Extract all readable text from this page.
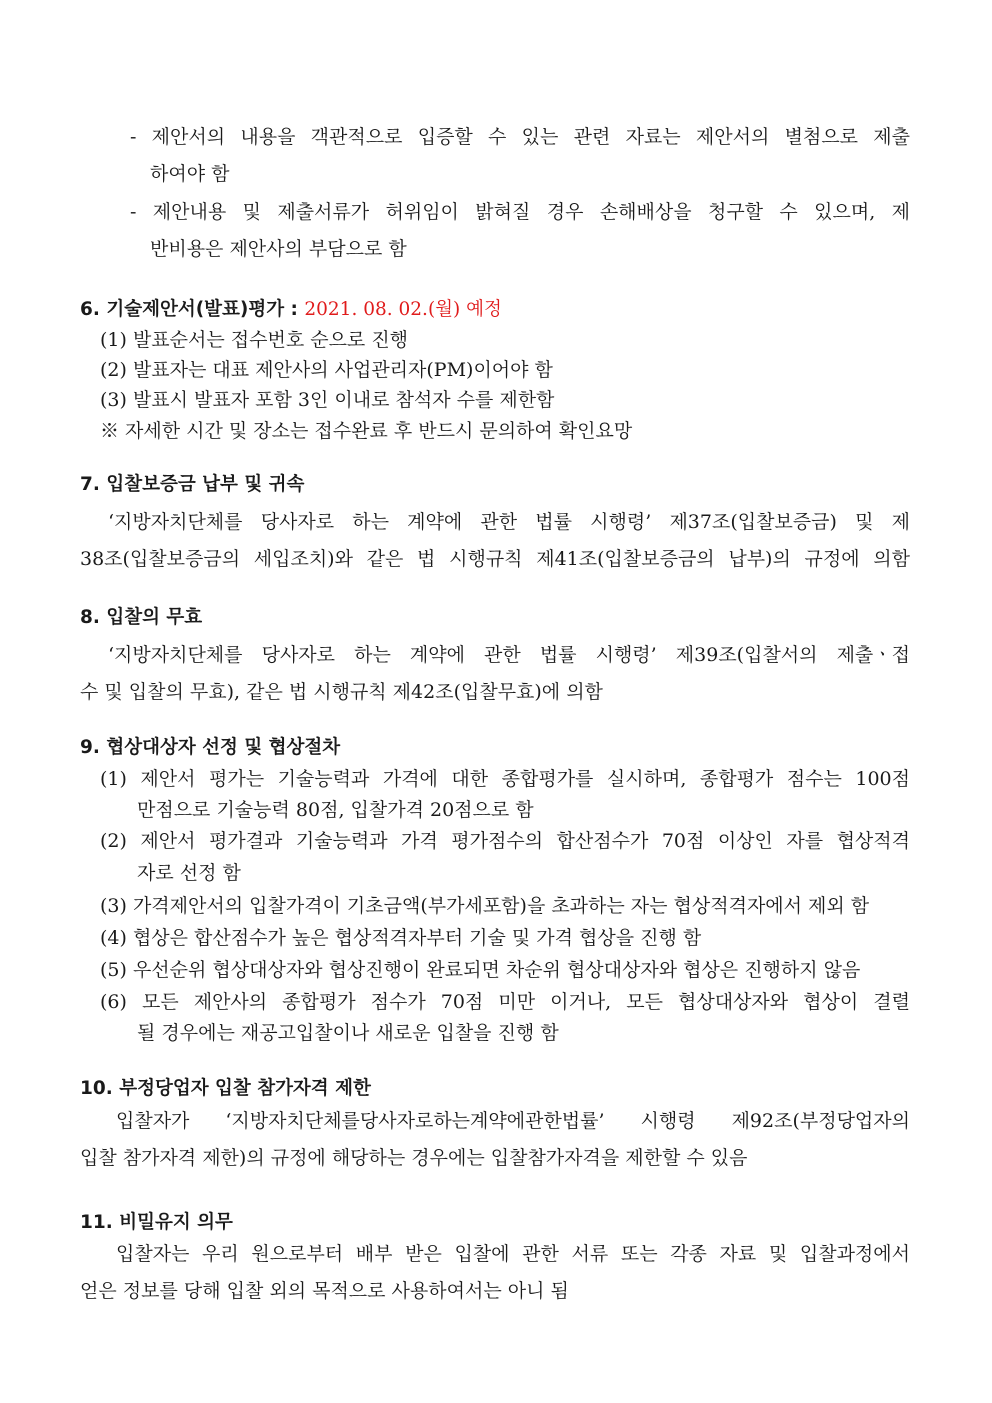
- 제안서의 내용을 객관적으로 입증할 수 있는 관련 자료는 제안서의 별첨으로 제출
하여야 함
- 제안내용 및 제출서류가 허위임이 밝혀질 경우 손해배상을 청구할 수 있으며, 제
반비용은 제안사의 부담으로 함
6. 기술제안서(발표)평가 : 2021. 08. 02.(월) 예정
(1) 발표순서는 접수번호 순으로 진행
(2) 발표자는 대표 제안사의 사업관리자(PM)이어야 함
(3) 발표시 발표자 포함 3인 이내로 참석자 수를 제한함
※ 자세한 시간 및 장소는 접수완료 후 반드시 문의하여 확인요망
7. 입찰보증금 납부 및 귀속
‘지방자치단체를 당사자로 하는 계약에 관한 법률 시행령’ 제37조(입찰보증금) 및 제
38조(입찰보증금의 세입조치)와 같은 법 시행규칙 제41조(입찰보증금의 납부)의 규정에 의함
8. 입찰의 무효
‘지방자치단체를 당사자로 하는 계약에 관한 법률 시행령’ 제39조(입찰서의 제출ㆍ접
수 및 입찰의 무효), 같은 법 시행규칙 제42조(입찰무효)에 의함
9. 협상대상자 선정 및 협상절차
(1) 제안서 평가는 기술능력과 가격에 대한 종합평가를 실시하며, 종합평가 점수는 100점
만점으로 기술능력 80점, 입찰가격 20점으로 함
(2) 제안서 평가결과 기술능력과 가격 평가점수의 합산점수가 70점 이상인 자를 협상적격
자로 선정 함
(3) 가격제안서의 입찰가격이 기초금액(부가세포함)을 초과하는 자는 협상적격자에서 제외 함
(4) 협상은 합산점수가 높은 협상적격자부터 기술 및 가격 협상을 진행 함
(5) 우선순위 협상대상자와 협상진행이 완료되면 차순위 협상대상자와 협상은 진행하지 않음
(6) 모든 제안사의 종합평가 점수가 70점 미만 이거나, 모든 협상대상자와 협상이 결렬
될 경우에는 재공고입찰이나 새로운 입찰을 진행 함
10. 부정당업자 입찰 참가자격 제한
입찰자가 ‘지방자치단체를당사자로하는계약에관한법률’ 시행령 제92조(부정당업자의
입찰 참가자격 제한)의 규정에 해당하는 경우에는 입찰참가자격을 제한할 수 있음
11. 비밀유지 의무
입찰자는 우리 원으로부터 배부 받은 입찰에 관한 서류 또는 각종 자료 및 입찰과정에서
얻은 정보를 당해 입찰 외의 목적으로 사용하여서는 아니 됨
